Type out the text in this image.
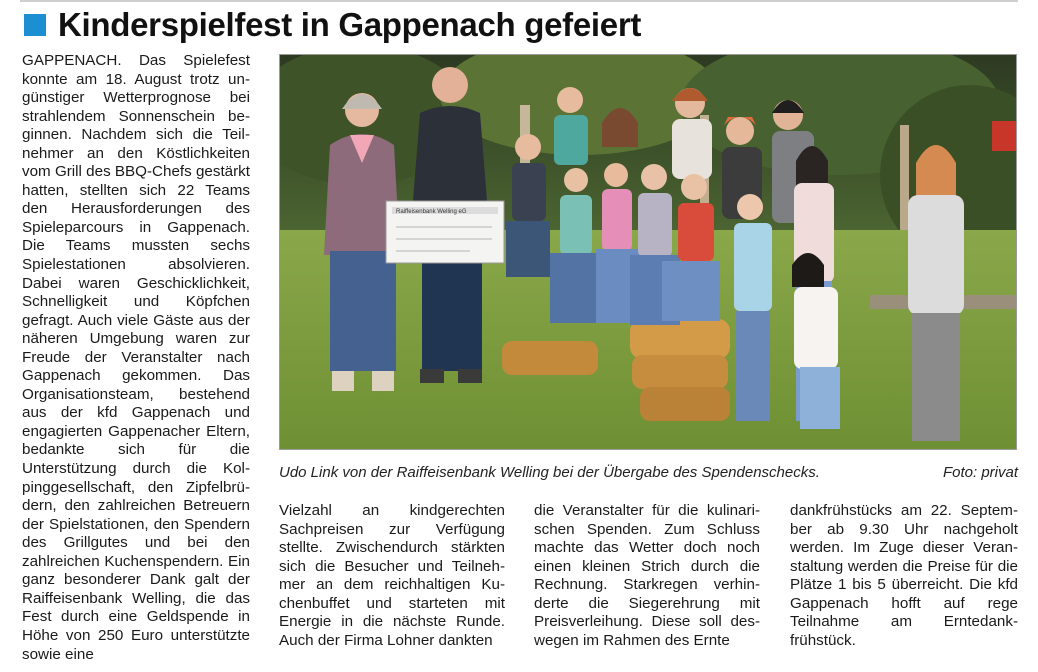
Kinderspielfest in Gappenach gefeiert

GAPPENACH. Das Spielefest konnte am 18. August trotz ungünstiger Wetterprognose bei strahlendem Sonnenschein beginnen. Nachdem sich die Teilnehmer an den Köstlichkeiten vom Grill des BBQ-Chefs gestärkt hatten, stellten sich 22 Teams den Herausforderungen des Spieleparcours in Gappenach. Die Teams mussten sechs Spielestationen absolvieren. Dabei waren Geschicklichkeit, Schnelligkeit und Köpfchen gefragt. Auch viele Gäste aus der näheren Umgebung waren zur Freude der Veranstalter nach Gappenach gekommen. Das Organisationsteam, bestehend aus der kfd Gappenach und engagierten Gappenacher Eltern, bedankte sich für die Unterstützung durch die Kolpinggesellschaft, den Zipfelbrüdern, den zahlreichen Betreuern der Spielstationen, den Spendern des Grillgutes und bei den zahlreichen Kuchenspendern. Ein ganz besonderer Dank galt der Raiffeisenbank Welling, die das Fest durch eine Geldspende in Höhe von 250 Euro unterstützte sowie eine

Raiffeisenbank Welling eG
Udo Link von der Raiffeisenbank Welling bei der Übergabe des Spendenschecks.	Foto: privat

Vielzahl an kindgerechten Sachpreisen zur Verfügung stellte. Zwischendurch stärkten sich die Besucher und Teilnehmer an dem reichhaltigen Kuchenbuffet und starteten mit Energie in die nächste Runde. Auch der Firma Lohner dankten

die Veranstalter für die kulinarischen Spenden. Zum Schluss machte das Wetter doch noch einen kleinen Strich durch die Rechnung. Starkregen verhinderte die Siegerehrung mit Preisverleihung. Diese soll deswegen im Rahmen des Ernte

dankfrühstücks am 22. September ab 9.30 Uhr nachgeholt werden. Im Zuge dieser Veranstaltung werden die Preise für die Plätze 1 bis 5 überreicht. Die kfd Gappenach hofft auf rege Teilnahme am Erntedankfrühstück.
